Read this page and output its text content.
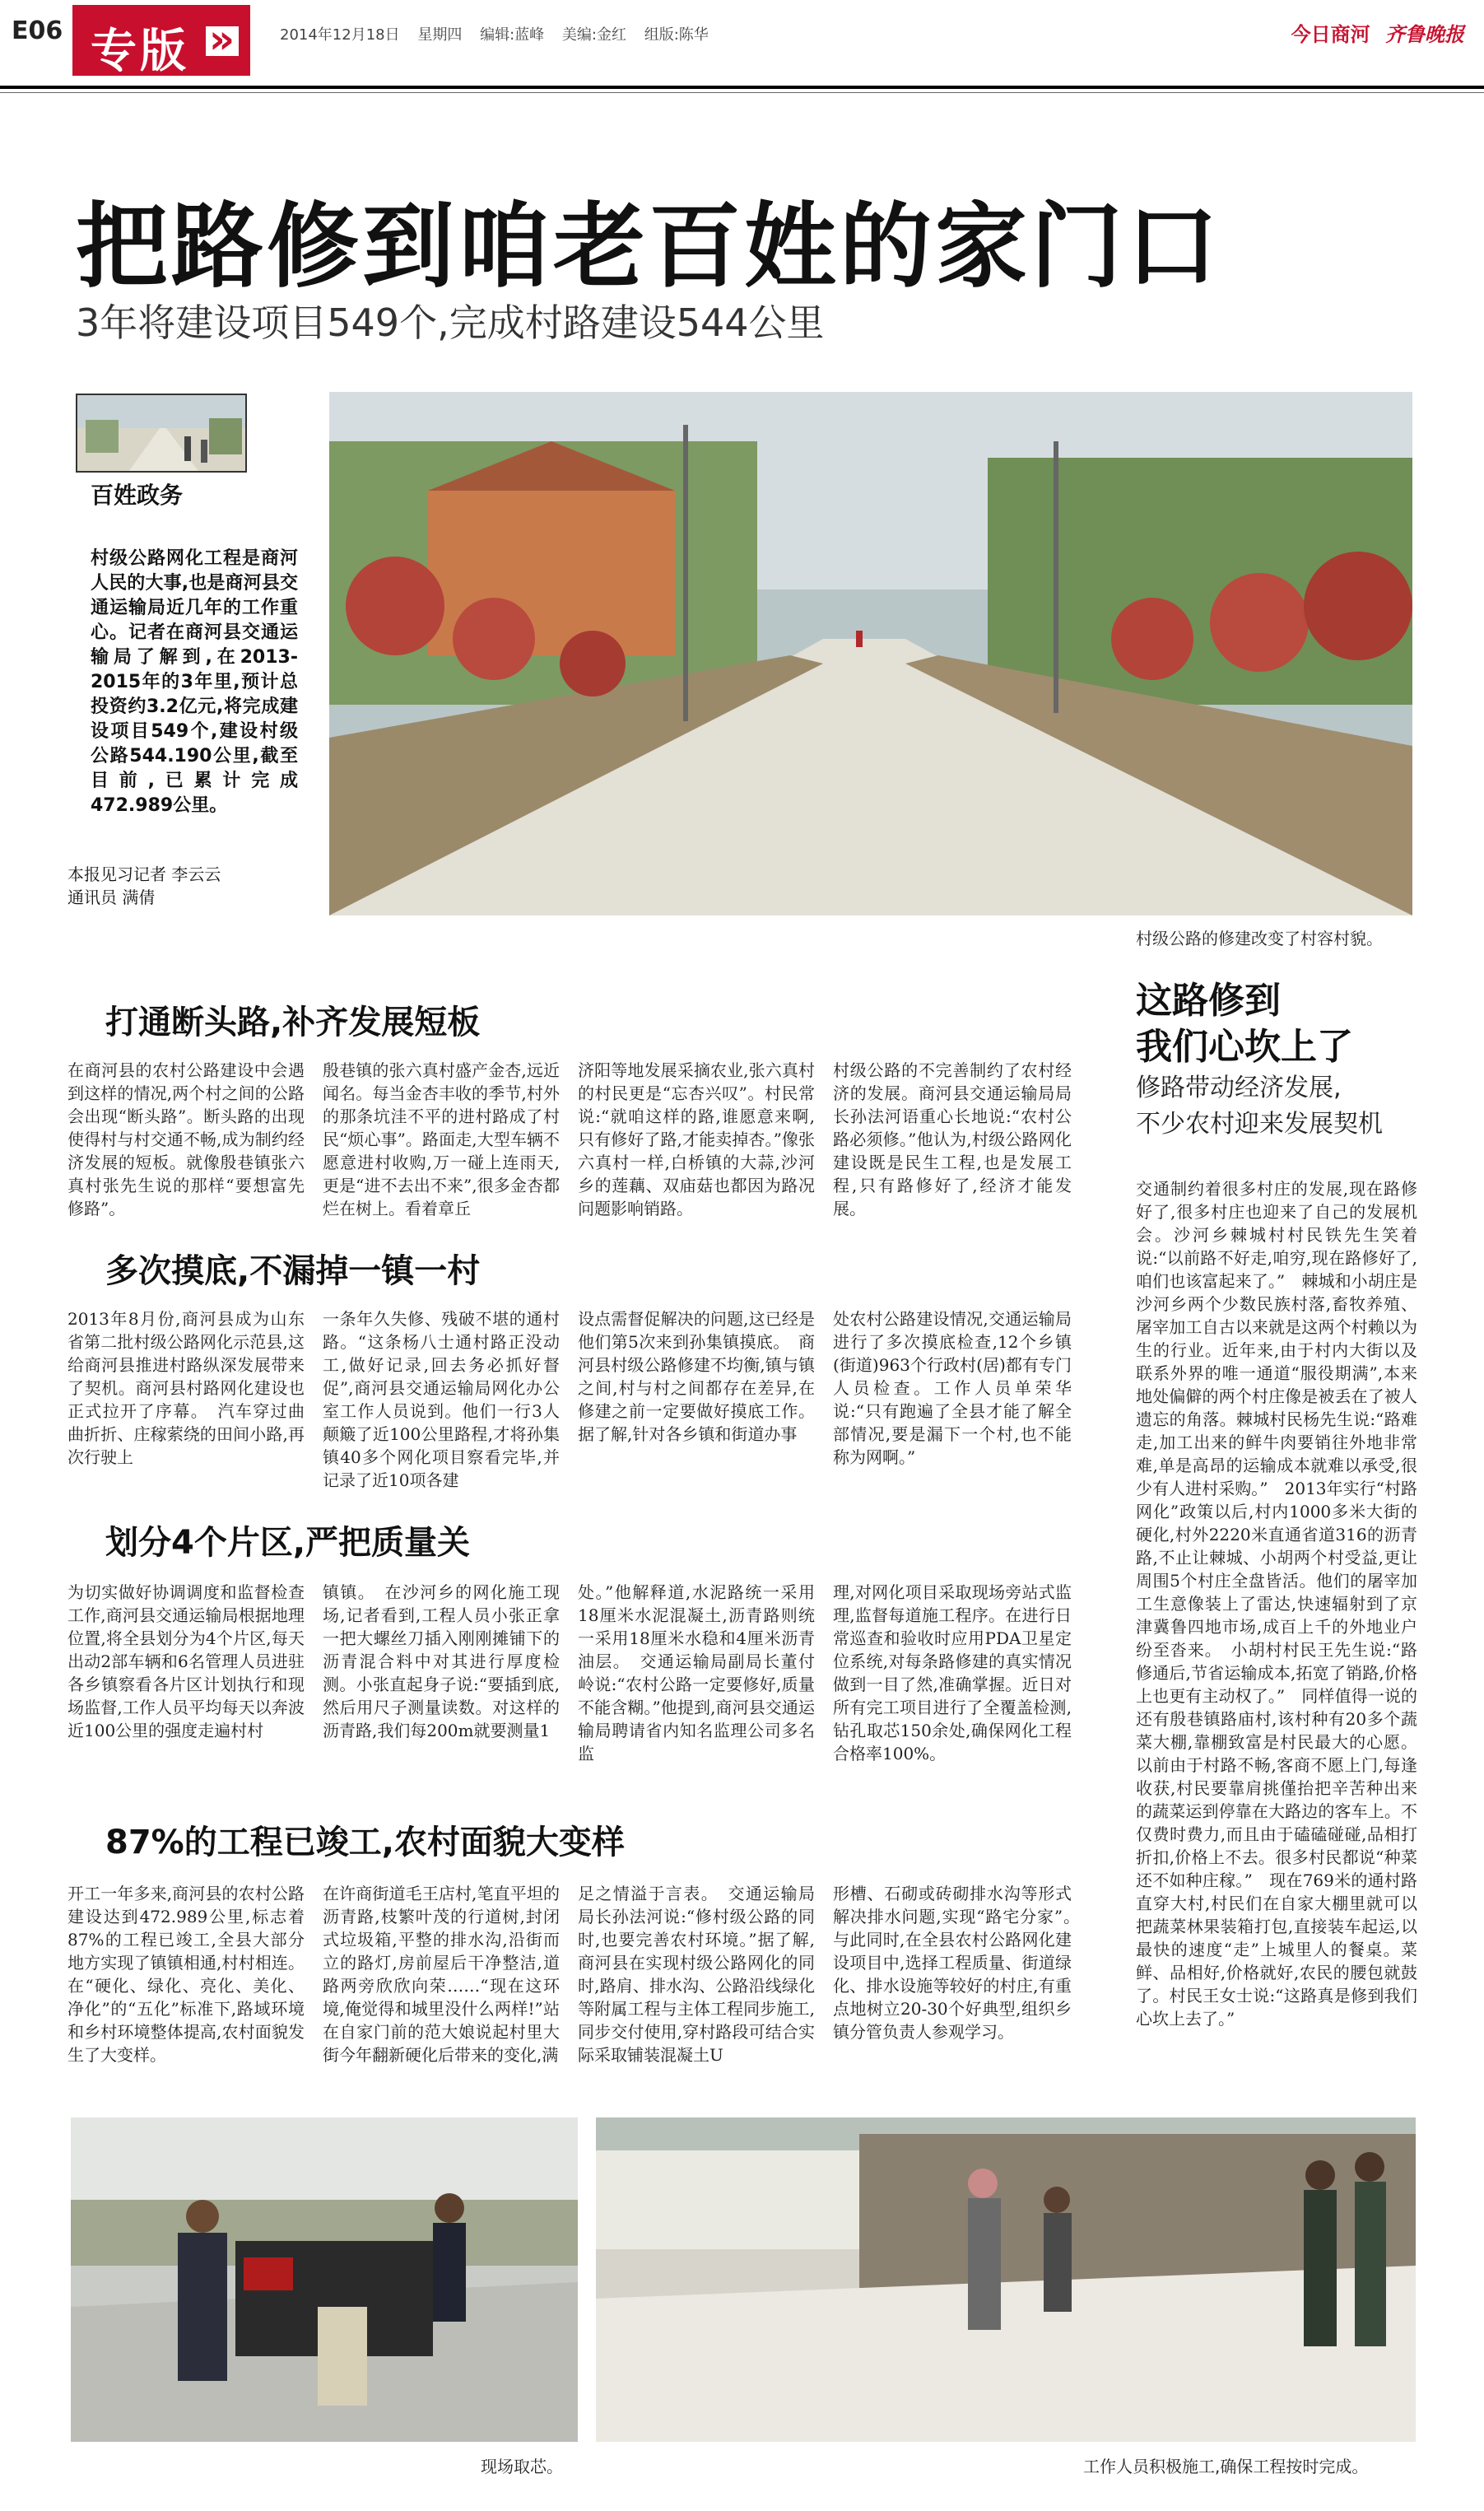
E06 专版
»	2014年12月18日 星期四 编辑:蓝峰 美编:金红 组版:陈华	今日商河 齐鲁晚报
把路修到咱老百姓的家门口
3年将建设项目549个,完成村路建设544公里
百姓政务
村级公路网化工程是商河人民的大事,也是商河县交通运输局近几年的工作重心。记者在商河县交通运输局了解到,在2013-2015年的3年里,预计总投资约3.2亿元,将完成建设项目549个,建设村级公路544.190公里,截至目前,已累计完成472.989公里。
本报见习记者 李云云
通讯员 满倩
村级公路的修建改变了村容村貌。
打通断头路,补齐发展短板
在商河县的农村公路建设中会遇到这样的情况,两个村之间的公路会出现“断头路”。断头路的出现使得村与村交通不畅,成为制约经济发展的短板。就像殷巷镇张六真村张先生说的那样“要想富先修路”。
殷巷镇的张六真村盛产金杏,远近闻名。每当金杏丰收的季节,村外的那条坑洼不平的进村路成了村民“烦心事”。路面走,大型车辆不愿意进村收购,万一碰上连雨天,更是“进不去出不来”,很多金杏都烂在树上。看着章丘
济阳等地发展采摘农业,张六真村的村民更是“忘杏兴叹”。村民常说:“就咱这样的路,谁愿意来啊,只有修好了路,才能卖掉杏。”像张六真村一样,白桥镇的大蒜,沙河乡的莲藕、双庙菇也都因为路况问题影响销路。
村级公路的不完善制约了农村经济的发展。商河县交通运输局局长孙法河语重心长地说:“农村公路必须修。”他认为,村级公路网化建设既是民生工程,也是发展工程,只有路修好了,经济才能发展。
多次摸底,不漏掉一镇一村
2013年8月份,商河县成为山东省第二批村级公路网化示范县,这给商河县推进村路纵深发展带来了契机。商河县村路网化建设也正式拉开了序幕。　汽车穿过曲曲折折、庄稼萦绕的田间小路,再次行驶上
一条年久失修、残破不堪的通村路。“这条杨八士通村路正没动工,做好记录,回去务必抓好督促”,商河县交通运输局网化办公室工作人员说到。他们一行3人颠簸了近100公里路程,才将孙集镇40多个网化项目察看完毕,并记录了近10项各建
设点需督促解决的问题,这已经是他们第5次来到孙集镇摸底。　商河县村级公路修建不均衡,镇与镇之间,村与村之间都存在差异,在修建之前一定要做好摸底工作。据了解,针对各乡镇和街道办事
处农村公路建设情况,交通运输局进行了多次摸底检查,12个乡镇(街道)963个行政村(居)都有专门人员检查。工作人员单荣华说:“只有跑遍了全县才能了解全部情况,要是漏下一个村,也不能称为网啊。”
划分4个片区,严把质量关
为切实做好协调调度和监督检查工作,商河县交通运输局根据地理位置,将全县划分为4个片区,每天出动2部车辆和6名管理人员进驻各乡镇察看各片区计划执行和现场监督,工作人员平均每天以奔波近100公里的强度走遍村村
镇镇。　在沙河乡的网化施工现场,记者看到,工程人员小张正拿一把大螺丝刀插入刚刚摊铺下的沥青混合料中对其进行厚度检测。小张直起身子说:“要插到底,然后用尺子测量读数。对这样的沥青路,我们每200m就要测量1
处。”他解释道,水泥路统一采用18厘米水泥混凝土,沥青路则统一采用18厘米水稳和4厘米沥青油层。　交通运输局副局长董付岭说:“农村公路一定要修好,质量不能含糊。”他提到,商河县交通运输局聘请省内知名监理公司多名监
理,对网化项目采取现场旁站式监理,监督每道施工程序。在进行日常巡查和验收时应用PDA卫星定位系统,对每条路修建的真实情况做到一目了然,准确掌握。近日对所有完工项目进行了全覆盖检测,钻孔取芯150余处,确保网化工程合格率100%。
87%的工程已竣工,农村面貌大变样
开工一年多来,商河县的农村公路建设达到472.989公里,标志着87%的工程已竣工,全县大部分地方实现了镇镇相通,村村相连。在“硬化、绿化、亮化、美化、净化”的“五化”标准下,路域环境和乡村环境整体提高,农村面貌发生了大变样。
在许商街道毛王店村,笔直平坦的沥青路,枝繁叶茂的行道树,封闭式垃圾箱,平整的排水沟,沿街而立的路灯,房前屋后干净整洁,道路两旁欣欣向荣……“现在这环境,俺觉得和城里没什么两样!”站在自家门前的范大娘说起村里大街今年翻新硬化后带来的变化,满
足之情溢于言表。　交通运输局局长孙法河说:“修村级公路的同时,也要完善农村环境。”据了解,商河县在实现村级公路网化的同时,路肩、排水沟、公路沿线绿化等附属工程与主体工程同步施工,同步交付使用,穿村路段可结合实际采取铺装混凝土U
形槽、石砌或砖砌排水沟等形式解决排水问题,实现“路宅分家”。　与此同时,在全县农村公路网化建设项目中,选择工程质量、街道绿化、排水设施等较好的村庄,有重点地树立20-30个好典型,组织乡镇分管负责人参观学习。
这路修到
我们心坎上了
修路带动经济发展,
不少农村迎来发展契机
交通制约着很多村庄的发展,现在路修好了,很多村庄也迎来了自己的发展机会。沙河乡棘城村村民铁先生笑着说:“以前路不好走,咱穷,现在路修好了,咱们也该富起来了。”　棘城和小胡庄是沙河乡两个少数民族村落,畜牧养殖、屠宰加工自古以来就是这两个村赖以为生的行业。近年来,由于村内大街以及联系外界的唯一通道“服役期满”,本来地处偏僻的两个村庄像是被丢在了被人遗忘的角落。棘城村民杨先生说:“路难走,加工出来的鲜牛肉要销往外地非常难,单是高昂的运输成本就难以承受,很少有人进村采购。”　2013年实行“村路网化”政策以后,村内1000多米大街的硬化,村外2220米直通省道316的沥青路,不止让棘城、小胡两个村受益,更让周围5个村庄全盘皆活。他们的屠宰加工生意像装上了雷达,快速辐射到了京津冀鲁四地市场,成百上千的外地业户纷至沓来。　小胡村村民王先生说:“路修通后,节省运输成本,拓宽了销路,价格上也更有主动权了。”　同样值得一说的还有殷巷镇路庙村,该村种有20多个蔬菜大棚,靠棚致富是村民最大的心愿。以前由于村路不畅,客商不愿上门,每逢收获,村民要靠肩挑僅抬把辛苦种出来的蔬菜运到停靠在大路边的客车上。不仅费时费力,而且由于磕磕碰碰,品相打折扣,价格上不去。很多村民都说“种菜还不如种庄稼。”　现在769米的通村路直穿大村,村民们在自家大棚里就可以把蔬菜林果装箱打包,直接装车起运,以最快的速度“走”上城里人的餐桌。菜鲜、品相好,价格就好,农民的腰包就鼓了。村民王女士说:“这路真是修到我们心坎上去了。”
现场取芯。	工作人员积极施工,确保工程按时完成。
